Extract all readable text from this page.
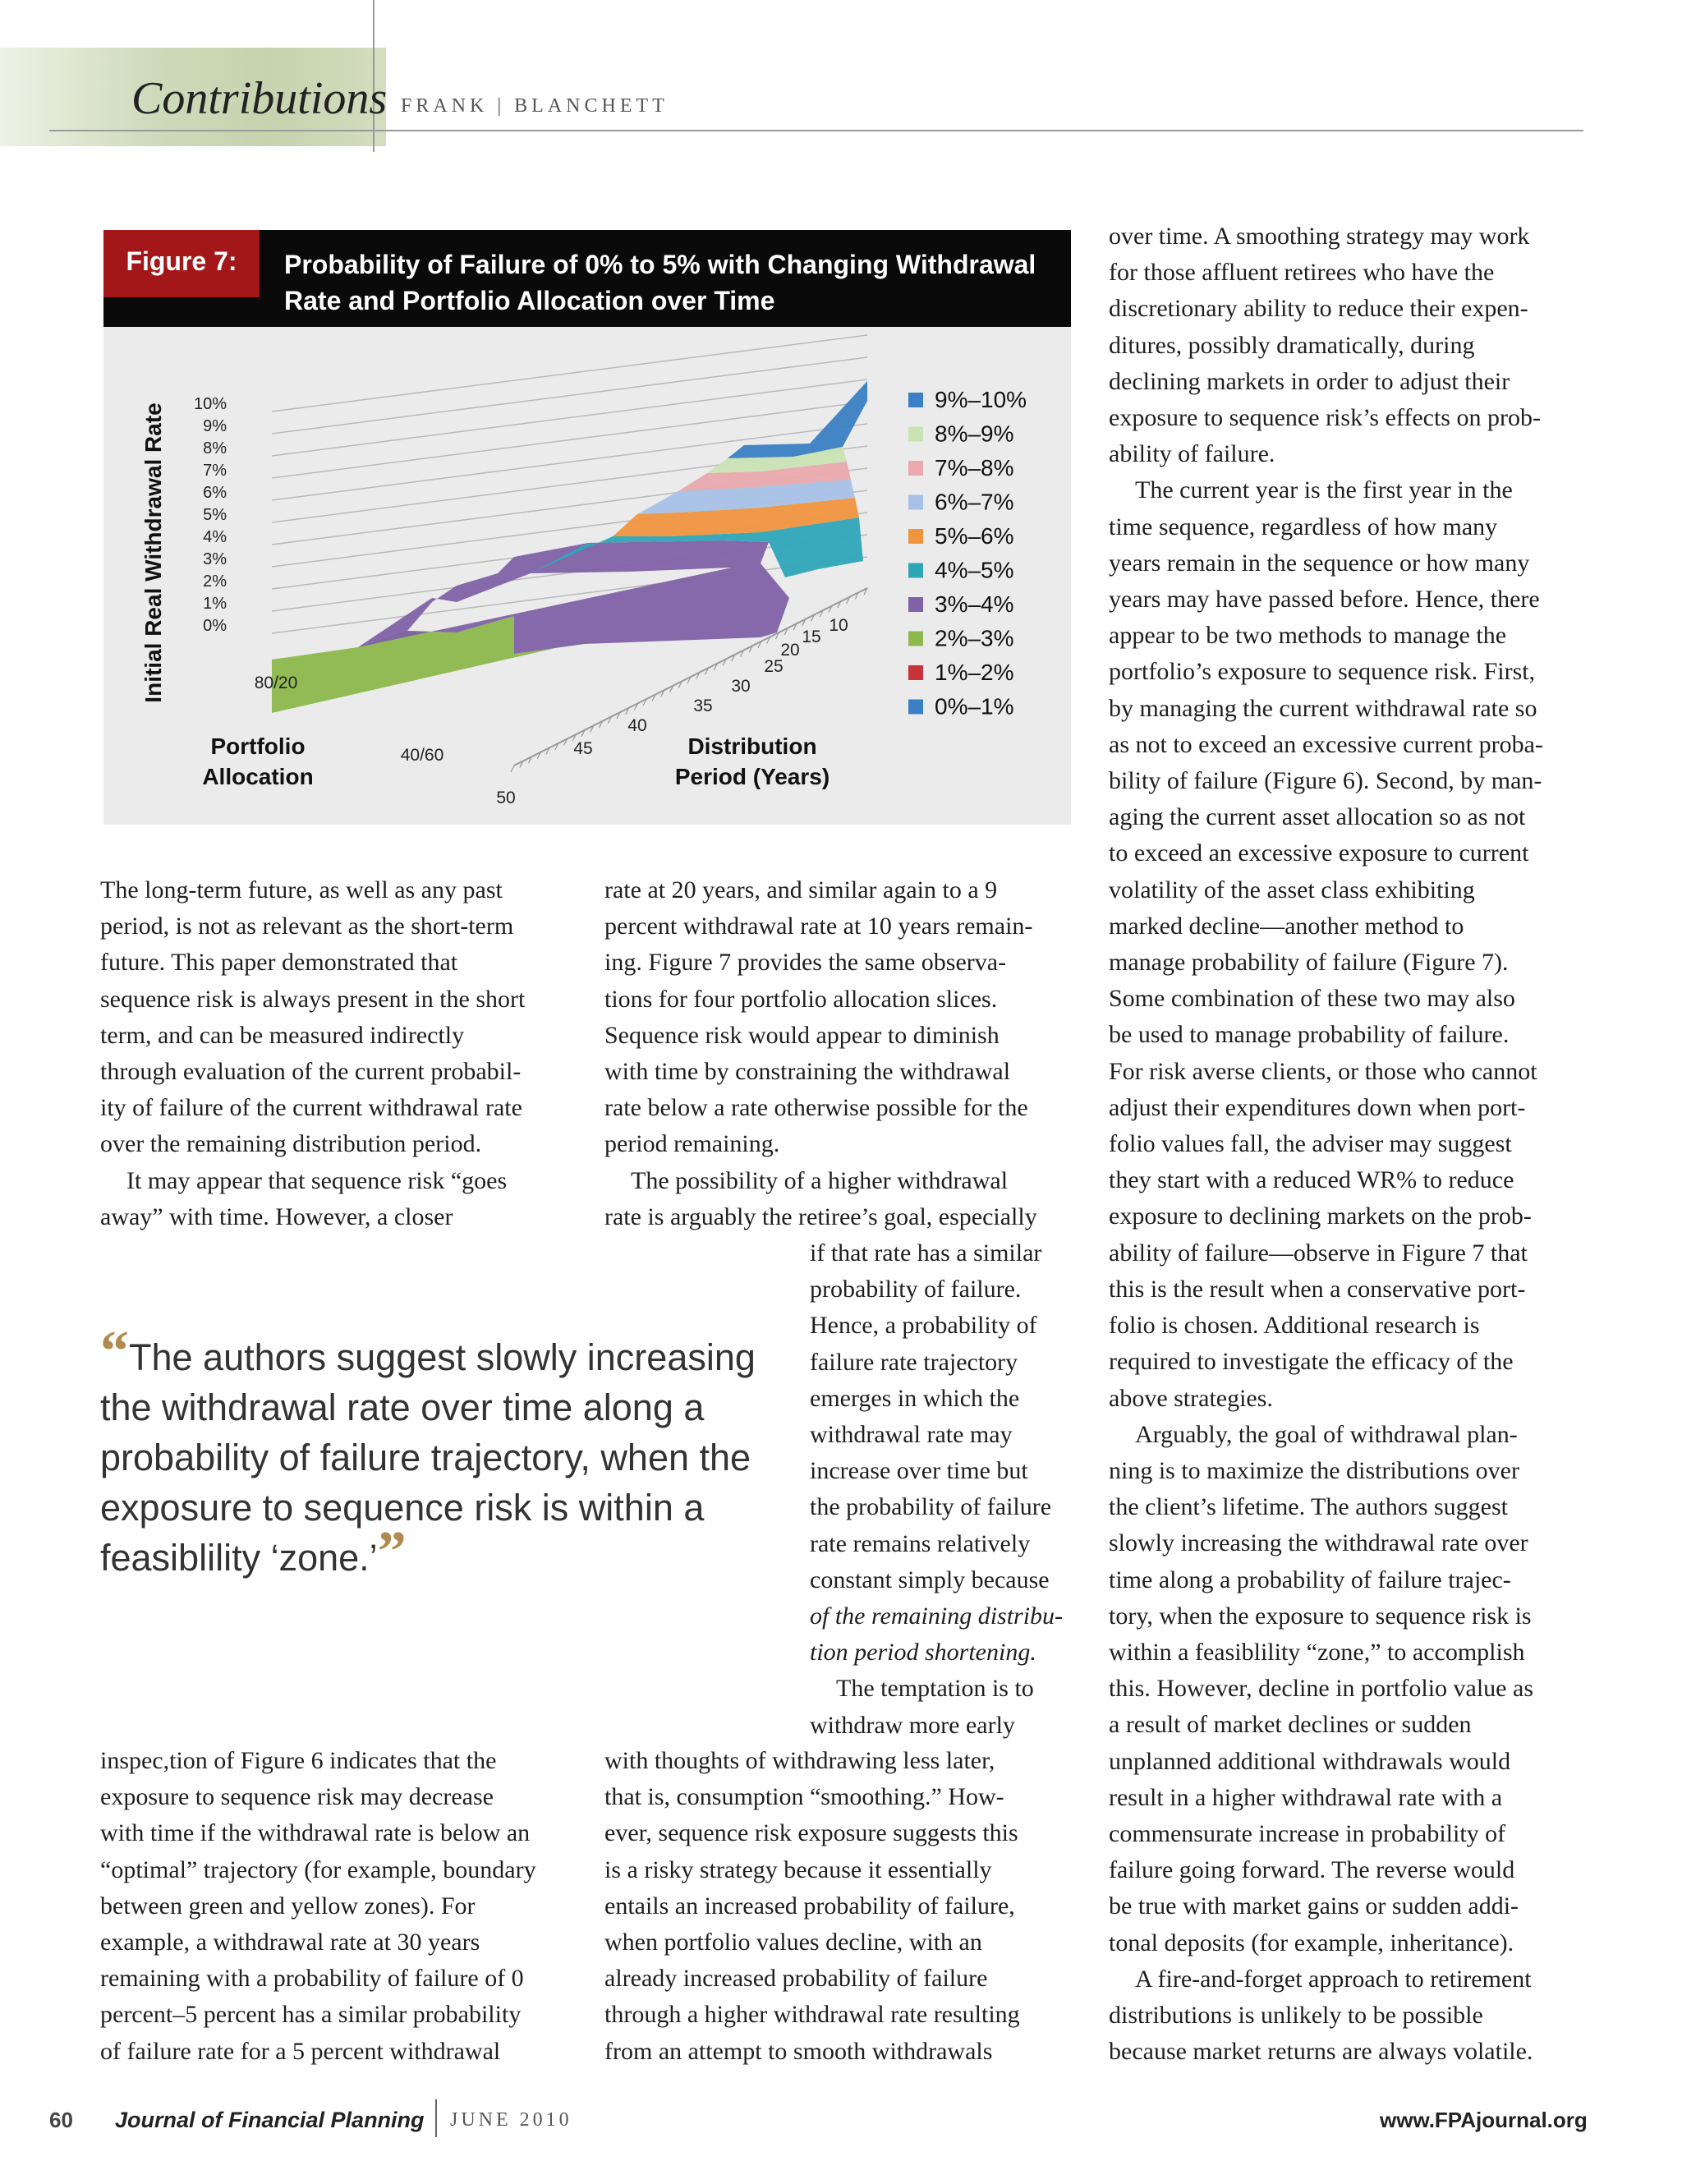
Contributions FRANK | BLANCHETT
Figure 7:	Probability of Failure of 0% to 5% with Changing Withdrawal Rate and Portfolio Allocation over Time
10%
9%
8%
7%
6%
5%
4%
3%
2%
1%
0%
50
45
40
35
30
25
20
15
10
Initial Real Withdrawal Rate
Portfolio
Allocation
Distribution
Period (Years)
80/20
40/60
9%–10%
8%–9%
7%–8%
6%–7%
5%–6%
4%–5%
3%–4%
2%–3%
1%–2%
0%–1%

The long-term future, as well as any past

period, is not as relevant as the short-term

future. This paper demonstrated that

sequence risk is always present in the short

term, and can be measured indirectly

through evaluation of the current probabil-

ity of failure of the current withdrawal rate

over the remaining distribution period.

It may appear that sequence risk “goes

away” with time. However, a closer

rate at 20 years, and similar again to a 9

percent withdrawal rate at 10 years remain-

ing. Figure 7 provides the same observa-

tions for four portfolio allocation slices.

Sequence risk would appear to diminish

with time by constraining the withdrawal

rate below a rate otherwise possible for the

period remaining.

The possibility of a higher withdrawal

rate is arguably the retiree’s goal, especially

if that rate has a similar

probability of failure.

Hence, a probability of

failure rate trajectory

emerges in which the

withdrawal rate may

increase over time but

the probability of failure

rate remains relatively

constant simply because

of the remaining distribu-

tion period shortening.

The temptation is to

withdraw more early

“The authors suggest slowly increasing
the withdrawal rate over time along a
probability of failure trajectory, when the
exposure to sequence risk is within a
feasiblility ‘zone.’”

inspec,tion of Figure 6 indicates that the

exposure to sequence risk may decrease

with time if the withdrawal rate is below an

“optimal” trajectory (for example, boundary

between green and yellow zones). For

example, a withdrawal rate at 30 years

remaining with a probability of failure of 0

percent–5 percent has a similar probability

of failure rate for a 5 percent withdrawal

with thoughts of withdrawing less later,

that is, consumption “smoothing.” How-

ever, sequence risk exposure suggests this

is a risky strategy because it essentially

entails an increased probability of failure,

when portfolio values decline, with an

already increased probability of failure

through a higher withdrawal rate resulting

from an attempt to smooth withdrawals

over time. A smoothing strategy may work

for those affluent retirees who have the

discretionary ability to reduce their expen-

ditures, possibly dramatically, during

declining markets in order to adjust their

exposure to sequence risk’s effects on prob-

ability of failure.

The current year is the first year in the

time sequence, regardless of how many

years remain in the sequence or how many

years may have passed before. Hence, there

appear to be two methods to manage the

portfolio’s exposure to sequence risk. First,

by managing the current withdrawal rate so

as not to exceed an excessive current proba-

bility of failure (Figure 6). Second, by man-

aging the current asset allocation so as not

to exceed an excessive exposure to current

volatility of the asset class exhibiting

marked decline—another method to

manage probability of failure (Figure 7).

Some combination of these two may also

be used to manage probability of failure.

For risk averse clients, or those who cannot

adjust their expenditures down when port-

folio values fall, the adviser may suggest

they start with a reduced WR% to reduce

exposure to declining markets on the prob-

ability of failure—observe in Figure 7 that

this is the result when a conservative port-

folio is chosen. Additional research is

required to investigate the efficacy of the

above strategies.

Arguably, the goal of withdrawal plan-

ning is to maximize the distributions over

the client’s lifetime. The authors suggest

slowly increasing the withdrawal rate over

time along a probability of failure trajec-

tory, when the exposure to sequence risk is

within a feasiblility “zone,” to accomplish

this. However, decline in portfolio value as

a result of market declines or sudden

unplanned additional withdrawals would

result in a higher withdrawal rate with a

commensurate increase in probability of

failure going forward. The reverse would

be true with market gains or sudden addi-

tonal deposits (for example, inheritance).

A fire-and-forget approach to retirement

distributions is unlikely to be possible

because market returns are always volatile.

60 Journal of Financial Planning JUNE 2010	www.FPAjournal.org
